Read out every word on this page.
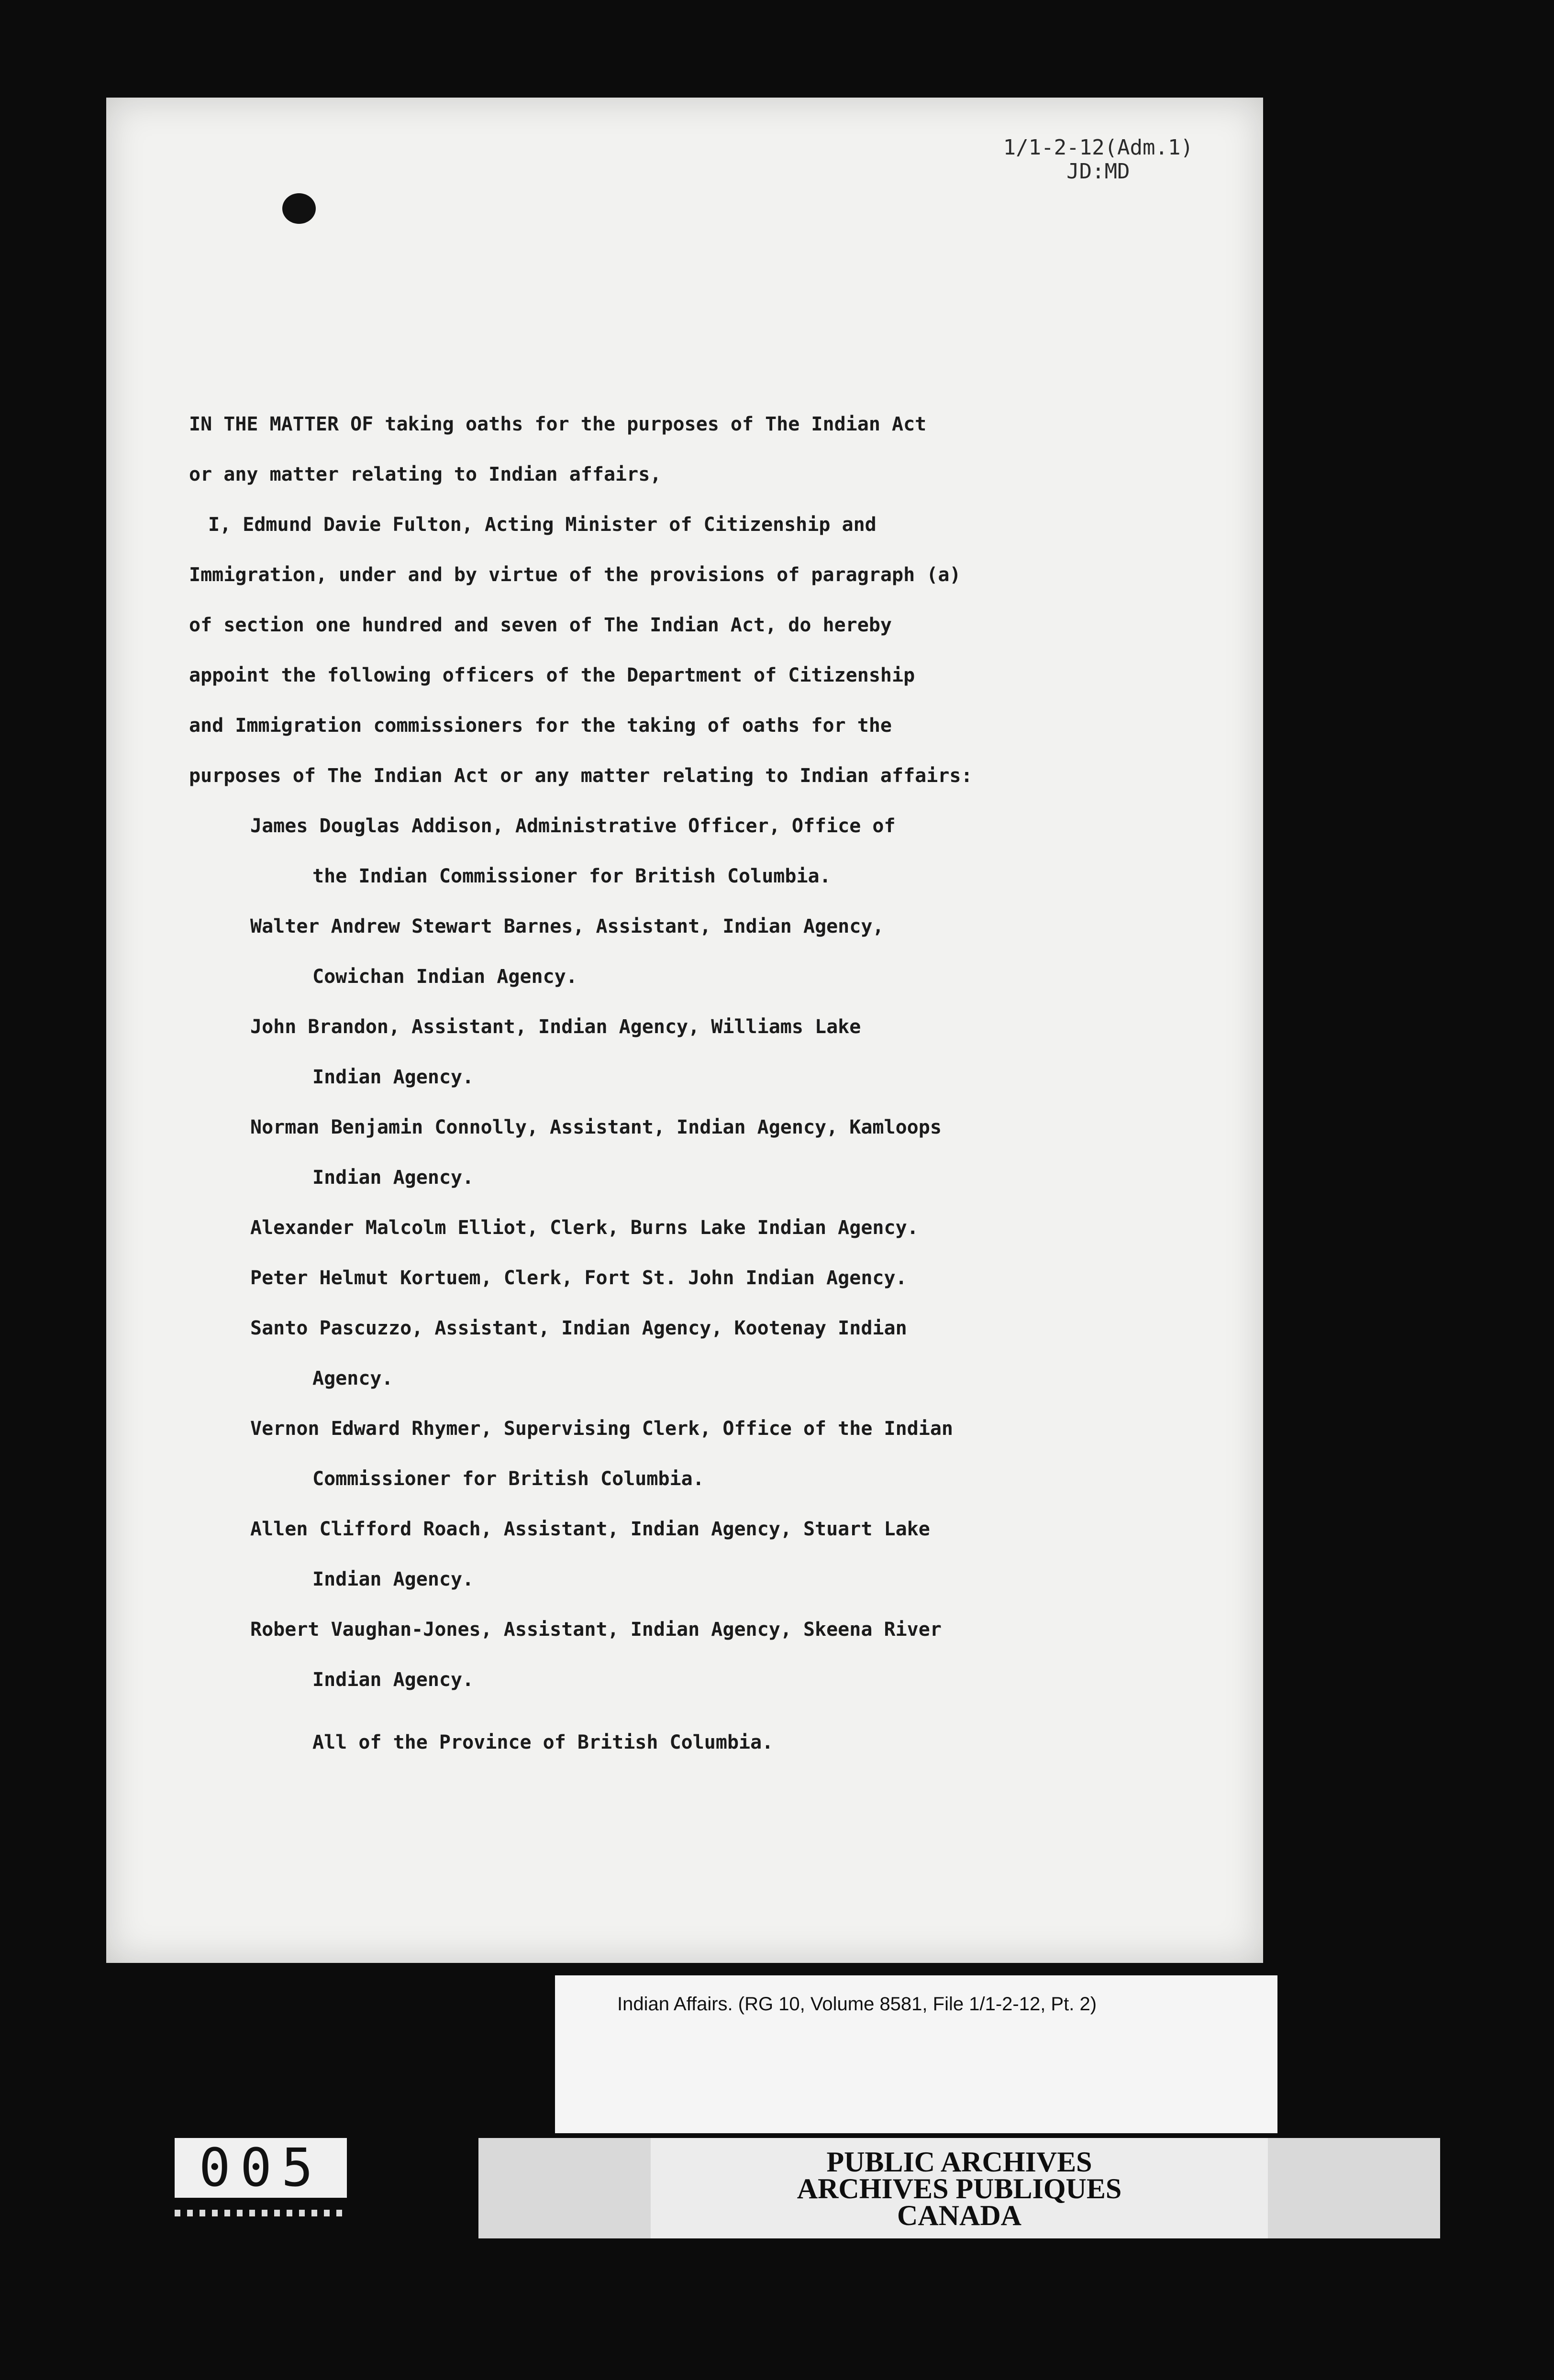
1/1-2-12(Adm.1)
JD:MD

IN THE MATTER OF taking oaths for the purposes of The Indian Act

or any matter relating to Indian affairs,

I, Edmund Davie Fulton, Acting Minister of Citizenship and

Immigration, under and by virtue of the provisions of paragraph (a)

of section one hundred and seven of The Indian Act, do hereby

appoint the following officers of the Department of Citizenship

and Immigration commissioners for the taking of oaths for the

purposes of The Indian Act or any matter relating to Indian affairs:

James Douglas Addison, Administrative Officer, Office of

the Indian Commissioner for British Columbia.

Walter Andrew Stewart Barnes, Assistant, Indian Agency,

Cowichan Indian Agency.

John Brandon, Assistant, Indian Agency, Williams Lake

Indian Agency.

Norman Benjamin Connolly, Assistant, Indian Agency, Kamloops

Indian Agency.

Alexander Malcolm Elliot, Clerk, Burns Lake Indian Agency.

Peter Helmut Kortuem, Clerk, Fort St. John Indian Agency.

Santo Pascuzzo, Assistant, Indian Agency, Kootenay Indian

Agency.

Vernon Edward Rhymer, Supervising Clerk, Office of the Indian

Commissioner for British Columbia.

Allen Clifford Roach, Assistant, Indian Agency, Stuart Lake

Indian Agency.

Robert Vaughan-Jones, Assistant, Indian Agency, Skeena River

Indian Agency.

All of the Province of British Columbia.

Indian Affairs. (RG 10, Volume 8581, File 1/1-2-12, Pt. 2)
005	PUBLIC ARCHIVES
ARCHIVES PUBLIQUES
CANADA
